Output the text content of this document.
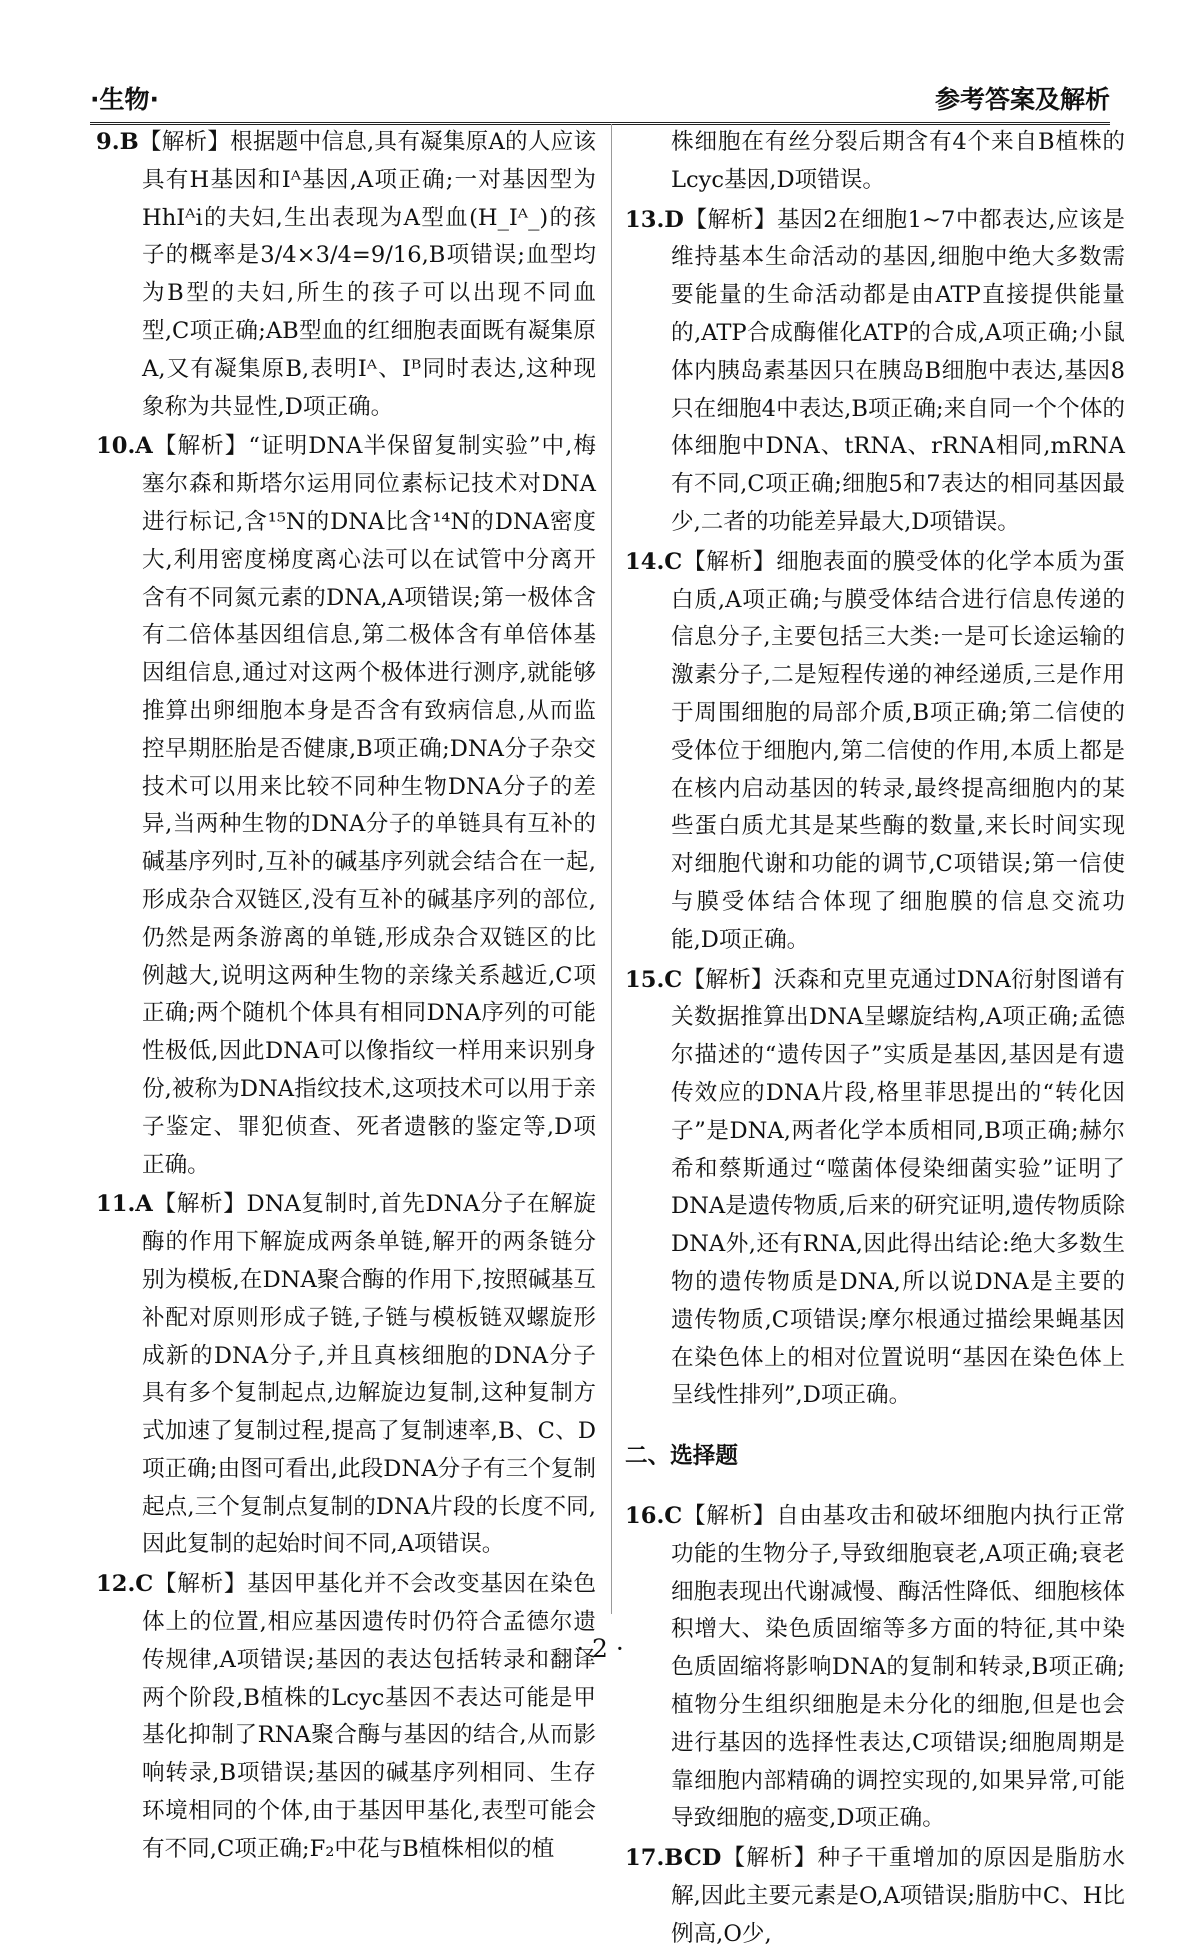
·生物·	参考答案及解析

9.B【解析】根据题中信息,具有凝集原A的人应该具有H基因和Iᴬ基因,A项正确;一对基因型为HhIᴬi的夫妇,生出表现为A型血(H_Iᴬ_)的孩子的概率是3/4×3/4=9/16,B项错误;血型均为B型的夫妇,所生的孩子可以出现不同血型,C项正确;AB型血的红细胞表面既有凝集原A,又有凝集原B,表明Iᴬ、Iᴮ同时表达,这种现象称为共显性,D项正确。

10.A【解析】“证明DNA半保留复制实验”中,梅塞尔森和斯塔尔运用同位素标记技术对DNA进行标记,含¹⁵N的DNA比含¹⁴N的DNA密度大,利用密度梯度离心法可以在试管中分离开含有不同氮元素的DNA,A项错误;第一极体含有二倍体基因组信息,第二极体含有单倍体基因组信息,通过对这两个极体进行测序,就能够推算出卵细胞本身是否含有致病信息,从而监控早期胚胎是否健康,B项正确;DNA分子杂交技术可以用来比较不同种生物DNA分子的差异,当两种生物的DNA分子的单链具有互补的碱基序列时,互补的碱基序列就会结合在一起,形成杂合双链区,没有互补的碱基序列的部位,仍然是两条游离的单链,形成杂合双链区的比例越大,说明这两种生物的亲缘关系越近,C项正确;两个随机个体具有相同DNA序列的可能性极低,因此DNA可以像指纹一样用来识别身份,被称为DNA指纹技术,这项技术可以用于亲子鉴定、罪犯侦查、死者遗骸的鉴定等,D项正确。

11.A【解析】DNA复制时,首先DNA分子在解旋酶的作用下解旋成两条单链,解开的两条链分别为模板,在DNA聚合酶的作用下,按照碱基互补配对原则形成子链,子链与模板链双螺旋形成新的DNA分子,并且真核细胞的DNA分子具有多个复制起点,边解旋边复制,这种复制方式加速了复制过程,提高了复制速率,B、C、D项正确;由图可看出,此段DNA分子有三个复制起点,三个复制点复制的DNA片段的长度不同,因此复制的起始时间不同,A项错误。

12.C【解析】基因甲基化并不会改变基因在染色体上的位置,相应基因遗传时仍符合孟德尔遗传规律,A项错误;基因的表达包括转录和翻译两个阶段,B植株的Lcyc基因不表达可能是甲基化抑制了RNA聚合酶与基因的结合,从而影响转录,B项错误;基因的碱基序列相同、生存环境相同的个体,由于基因甲基化,表型可能会有不同,C项正确;F₂中花与B植株相似的植

株细胞在有丝分裂后期含有4个来自B植株的Lcyc基因,D项错误。

13.D【解析】基因2在细胞1~7中都表达,应该是维持基本生命活动的基因,细胞中绝大多数需要能量的生命活动都是由ATP直接提供能量的,ATP合成酶催化ATP的合成,A项正确;小鼠体内胰岛素基因只在胰岛B细胞中表达,基因8只在细胞4中表达,B项正确;来自同一个个体的体细胞中DNA、tRNA、rRNA相同,mRNA有不同,C项正确;细胞5和7表达的相同基因最少,二者的功能差异最大,D项错误。

14.C【解析】细胞表面的膜受体的化学本质为蛋白质,A项正确;与膜受体结合进行信息传递的信息分子,主要包括三大类:一是可长途运输的激素分子,二是短程传递的神经递质,三是作用于周围细胞的局部介质,B项正确;第二信使的受体位于细胞内,第二信使的作用,本质上都是在核内启动基因的转录,最终提高细胞内的某些蛋白质尤其是某些酶的数量,来长时间实现对细胞代谢和功能的调节,C项错误;第一信使与膜受体结合体现了细胞膜的信息交流功能,D项正确。

15.C【解析】沃森和克里克通过DNA衍射图谱有关数据推算出DNA呈螺旋结构,A项正确;孟德尔描述的“遗传因子”实质是基因,基因是有遗传效应的DNA片段,格里菲思提出的“转化因子”是DNA,两者化学本质相同,B项正确;赫尔希和蔡斯通过“噬菌体侵染细菌实验”证明了DNA是遗传物质,后来的研究证明,遗传物质除DNA外,还有RNA,因此得出结论:绝大多数生物的遗传物质是DNA,所以说DNA是主要的遗传物质,C项错误;摩尔根通过描绘果蝇基因在染色体上的相对位置说明“基因在染色体上呈线性排列”,D项正确。

二、选择题

16.C【解析】自由基攻击和破坏细胞内执行正常功能的生物分子,导致细胞衰老,A项正确;衰老细胞表现出代谢减慢、酶活性降低、细胞核体积增大、染色质固缩等多方面的特征,其中染色质固缩将影响DNA的复制和转录,B项正确;植物分生组织细胞是未分化的细胞,但是也会进行基因的选择性表达,C项错误;细胞周期是靠细胞内部精确的调控实现的,如果异常,可能导致细胞的癌变,D项正确。

17.BCD【解析】种子干重增加的原因是脂肪水解,因此主要元素是O,A项错误;脂肪中C、H比例高,O少,

· 2 ·
